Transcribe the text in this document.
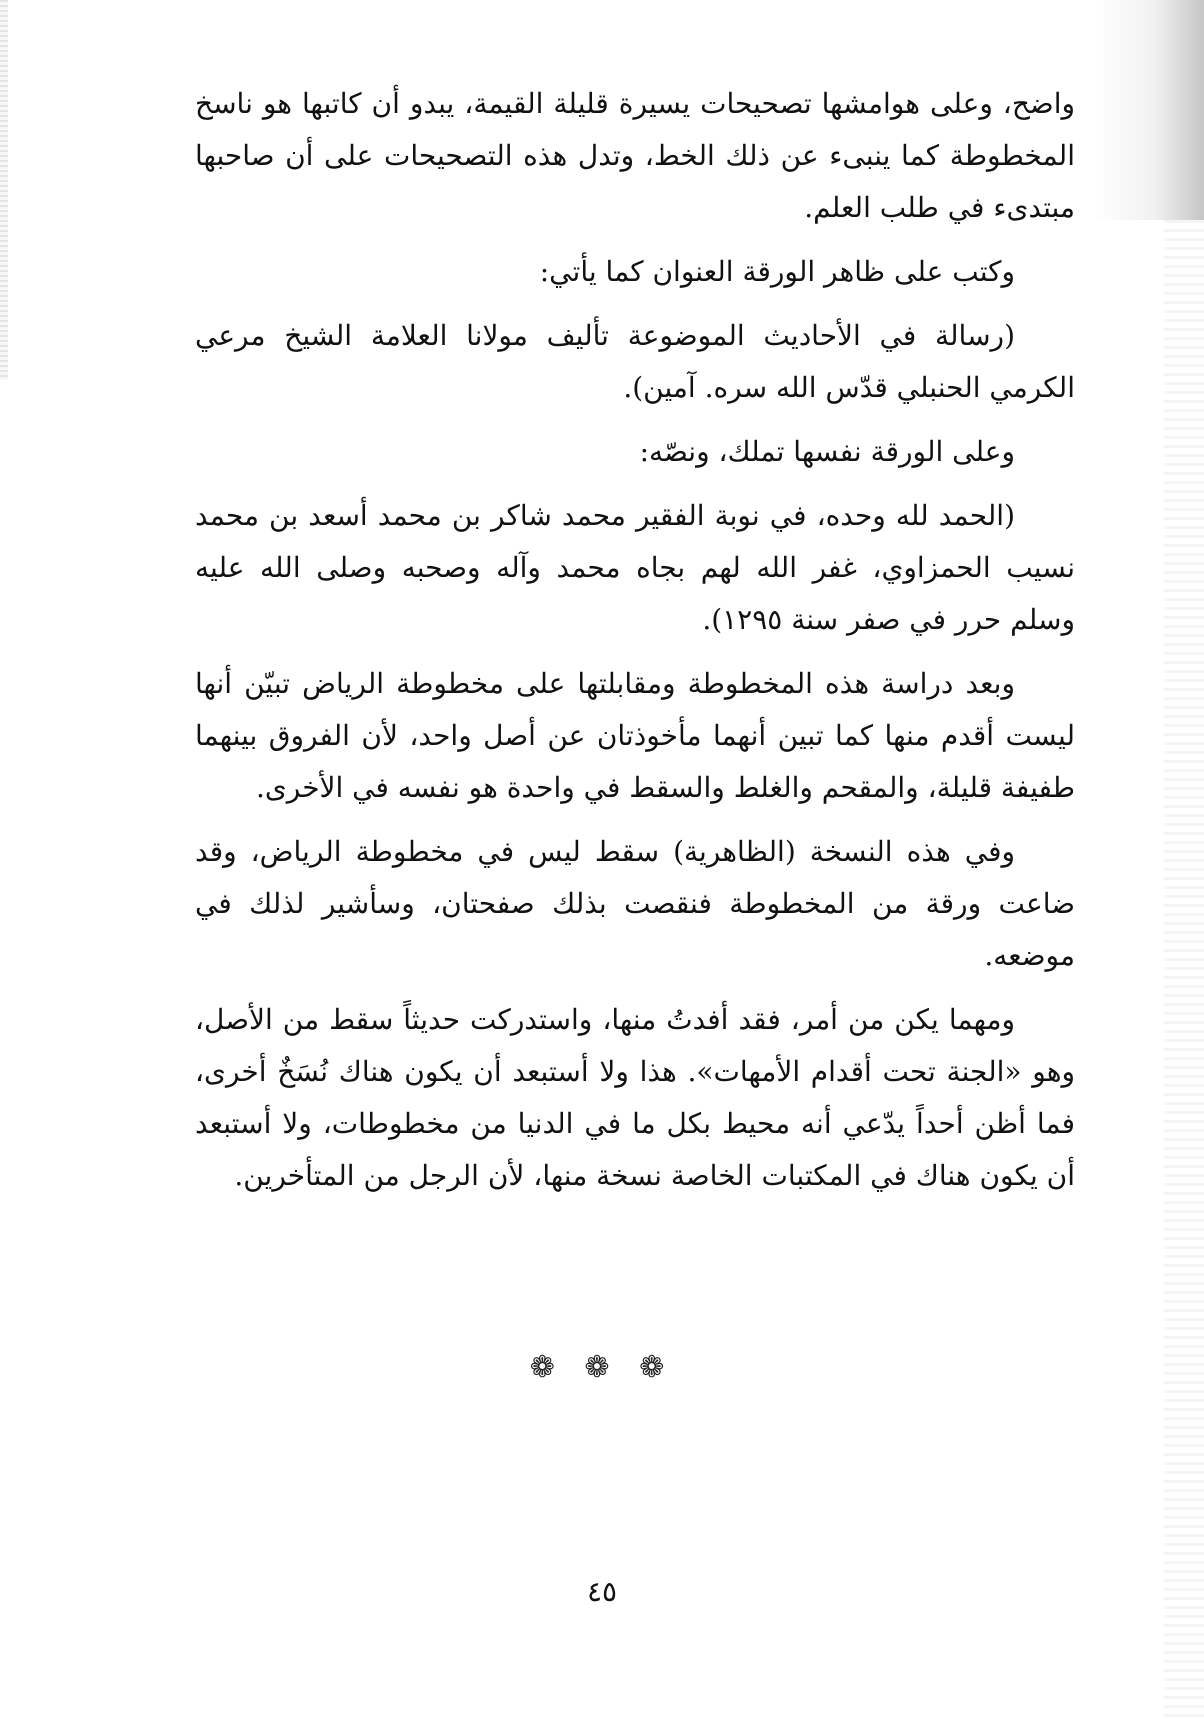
واضح، وعلى هوامشها تصحيحات يسيرة قليلة القيمة، يبدو أن كاتبها هو ناسخ المخطوطة كما ينبىء عن ذلك الخط، وتدل هذه التصحيحات على أن صاحبها مبتدىء في طلب العلم.

وكتب على ظاهر الورقة العنوان كما يأتي:

(رسالة في الأحاديث الموضوعة تأليف مولانا العلامة الشيخ مرعي الكرمي الحنبلي قدّس الله سره. آمين).

وعلى الورقة نفسها تملك، ونصّه:

(الحمد لله وحده، في نوبة الفقير محمد شاكر بن محمد أسعد بن محمد نسيب الحمزاوي، غفر الله لهم بجاه محمد وآله وصحبه وصلى الله عليه وسلم حرر في صفر سنة ١٢٩٥).

وبعد دراسة هذه المخطوطة ومقابلتها على مخطوطة الرياض تبيّن أنها ليست أقدم منها كما تبين أنهما مأخوذتان عن أصل واحد، لأن الفروق بينهما طفيفة قليلة، والمقحم والغلط والسقط في واحدة هو نفسه في الأخرى.

وفي هذه النسخة (الظاهرية) سقط ليس في مخطوطة الرياض، وقد ضاعت ورقة من المخطوطة فنقصت بذلك صفحتان، وسأشير لذلك في موضعه.

ومهما يكن من أمر، فقد أفدتُ منها، واستدركت حديثاً سقط من الأصل، وهو «الجنة تحت أقدام الأمهات». هذا ولا أستبعد أن يكون هناك نُسَخٌ أخرى، فما أظن أحداً يدّعي أنه محيط بكل ما في الدنيا من مخطوطات، ولا أستبعد أن يكون هناك في المكتبات الخاصة نسخة منها، لأن الرجل من المتأخرين.

❁ ❁ ❁
٤٥
